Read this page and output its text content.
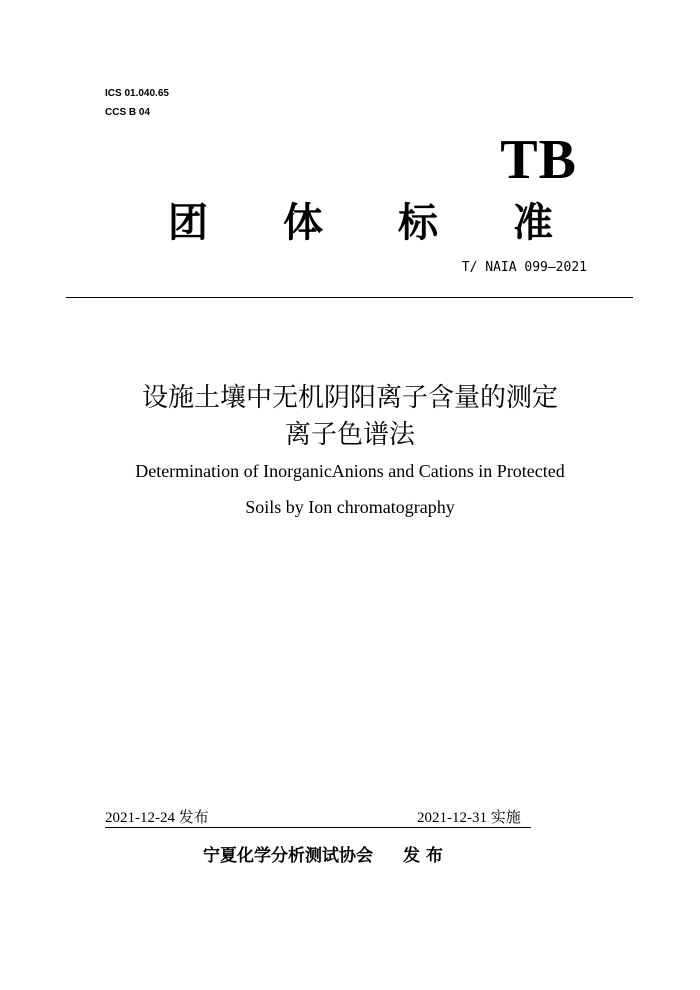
ICS 01.040.65
CCS B 04
TB
团 体 标 准
T/ NAIA 099—2021
设施土壤中无机阴阳离子含量的测定
离子色谱法
Determination of InorganicAnions and Cations in Protected
Soils by Ion chromatography
2021-12-24 发布	2021-12-31 实施
宁夏化学分析测试协会 发 布
